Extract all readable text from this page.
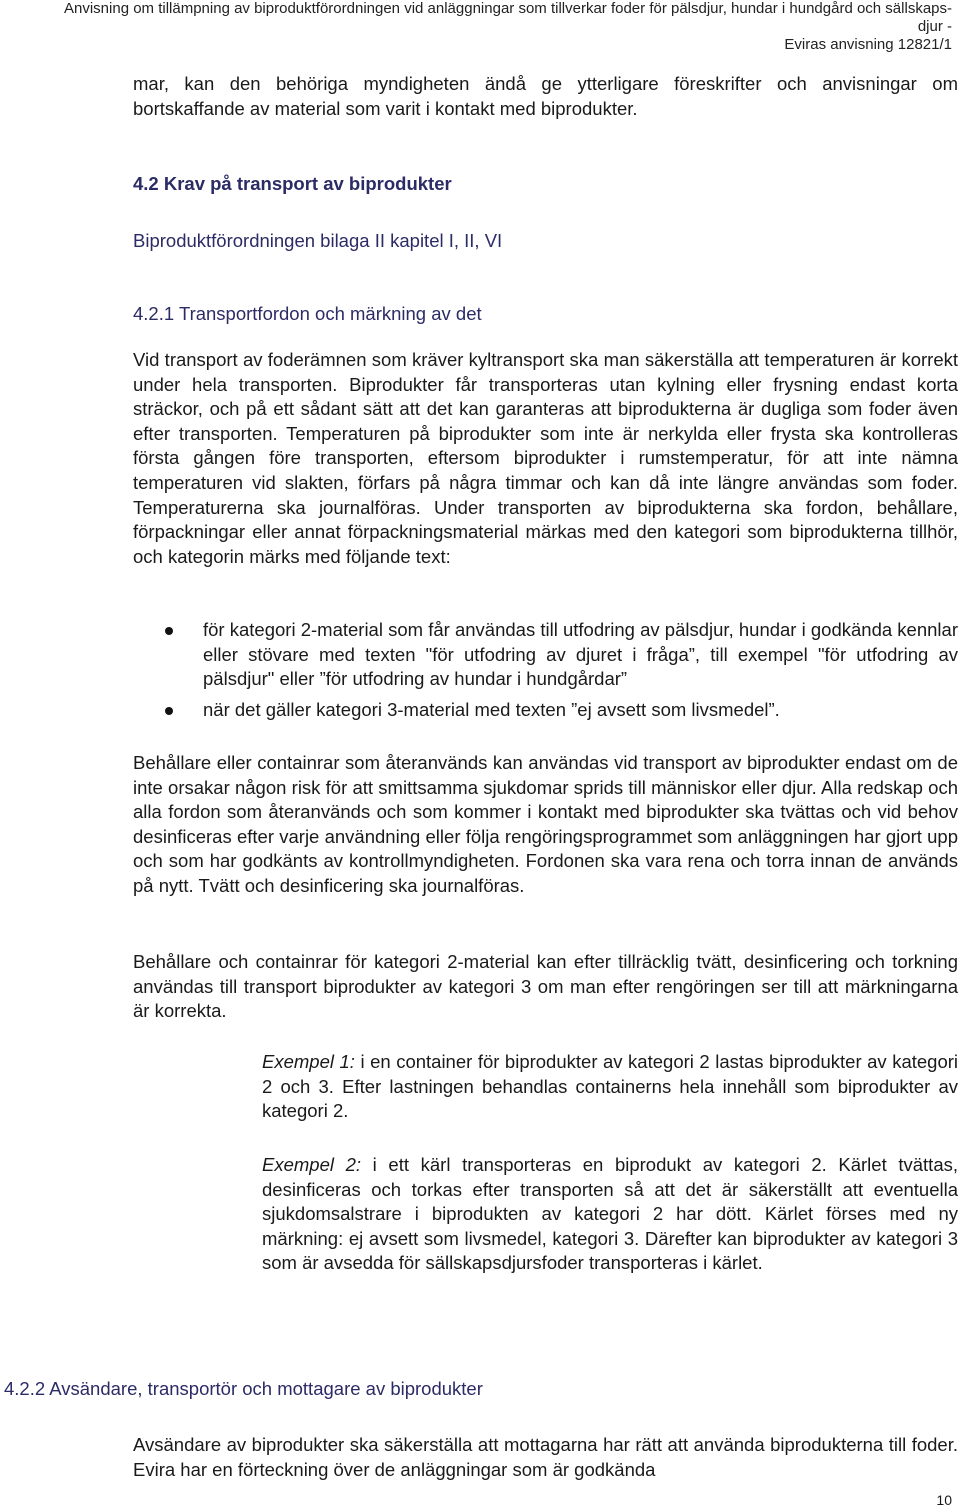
Anvisning om tillämpning av biproduktförordningen vid anläggningar som tillverkar foder för pälsdjur, hundar i hundgård och sällskaps-
djur -
Eviras anvisning 12821/1
mar, kan den behöriga myndigheten ändå ge ytterligare föreskrifter och anvisningar om bortskaffande av material som varit i kontakt med biprodukter.
4.2 Krav på transport av biprodukter
Biproduktförordningen bilaga II kapitel I, II, VI
4.2.1 Transportfordon och märkning av det
Vid transport av foderämnen som kräver kyltransport ska man säkerställa att temperaturen är korrekt under hela transporten. Biprodukter får transporteras utan kylning eller frysning endast korta sträckor, och på ett sådant sätt att det kan garanteras att biprodukterna är dugliga som foder även efter transporten. Temperaturen på biprodukter som inte är nerkylda eller frysta ska kontrolleras första gången före transporten, eftersom biprodukter i rumstemperatur, för att inte nämna temperaturen vid slakten, förfars på några timmar och kan då inte längre användas som foder. Temperaturerna ska journalföras. Under transporten av biprodukterna ska fordon, behållare, förpackningar eller annat förpackningsmaterial märkas med den kategori som biprodukterna tillhör, och kategorin märks med följande text:
för kategori 2-material som får användas till utfodring av pälsdjur, hundar i godkända kennlar eller stövare med texten "för utfodring av djuret i fråga”, till exempel "för utfodring av pälsdjur" eller ”för utfodring av hundar i hundgårdar”
när det gäller kategori 3-material med texten ”ej avsett som livsmedel”.
Behållare eller containrar som återanvänds kan användas vid transport av biprodukter endast om de inte orsakar någon risk för att smittsamma sjukdomar sprids till människor eller djur. Alla redskap och alla fordon som återanvänds och som kommer i kontakt med biprodukter ska tvättas och vid behov desinficeras efter varje användning eller följa rengöringsprogrammet som anläggningen har gjort upp och som har godkänts av kontrollmyndigheten. Fordonen ska vara rena och torra innan de används på nytt. Tvätt och desinficering ska journalföras.
Behållare och containrar för kategori 2-material kan efter tillräcklig tvätt, desinficering och torkning användas till transport biprodukter av kategori 3 om man efter rengöringen ser till att märkningarna är korrekta.
Exempel 1: i en container för biprodukter av kategori 2 lastas biprodukter av kategori 2 och 3. Efter lastningen behandlas containerns hela innehåll som biprodukter av kategori 2.
Exempel 2: i ett kärl transporteras en biprodukt av kategori 2. Kärlet tvättas, desinficeras och torkas efter transporten så att det är säkerställt att eventuella sjukdomsalstrare i biprodukten av kategori 2 har dött. Kärlet förses med ny märkning: ej avsett som livsmedel, kategori 3. Därefter kan biprodukter av kategori 3 som är avsedda för sällskapsdjursfoder transporteras i kärlet.
4.2.2 Avsändare, transportör och mottagare av biprodukter
Avsändare av biprodukter ska säkerställa att mottagarna har rätt att använda biprodukterna till foder. Evira har en förteckning över de anläggningar som är godkända
10
